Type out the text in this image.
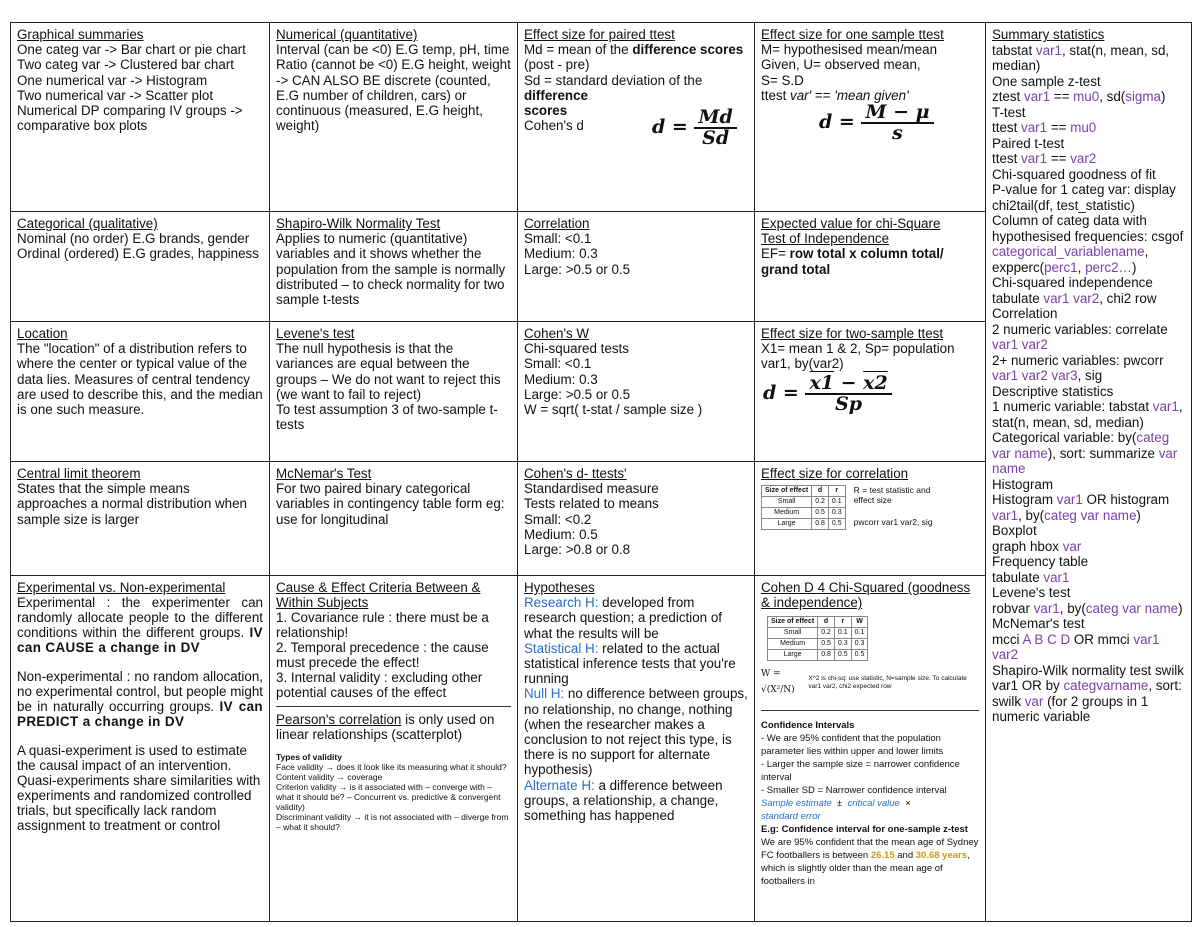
Graphical summaries
One categ var -> Bar chart or pie chart
Two categ var -> Clustered bar chart
One numerical var -> Histogram
Two numerical var -> Scatter plot
Numerical DP comparing IV groups -> comparative box plots
Numerical (quantitative)
Interval (can be <0) E.G temp, pH, time
Ratio (cannot be <0) E.G height, weight
-> CAN ALSO BE discrete (counted, E.G number of children, cars) or continuous (measured, E.G height, weight)
Effect size for paired ttest
Md = mean of the difference scores (post - pre)
Sd = standard deviation of the difference
scores
Cohen's d	$d = \frac{Md}{Sd}$
Effect size for one sample ttest
M= hypothesised mean/mean
Given, U= observed mean,
S= S.D
ttest var' == 'mean given'
$d = \frac{M - \mu}{s}$
Summary statistics
tabstat var1, stat(n, mean, sd, median)
One sample z-test
ztest var1 == mu0, sd(sigma)
T-test
ttest var1 == mu0
Paired t-test
ttest var1 == var2
Chi-squared goodness of fit
P-value for 1 categ var: display chi2tail(df, test_statistic)
Column of categ data with hypothesised frequencies: csgof categorical_variablename, expperc(perc1, perc2…)
Chi-squared independence
tabulate var1 var2, chi2 row
Correlation
2 numeric variables: correlate var1 var2
2+ numeric variables: pwcorr var1 var2 var3, sig
Descriptive statistics
1 numeric variable: tabstat var1, stat(n, mean, sd, median)
Categorical variable: by(categ var name), sort: summarize var name
Histogram
Histogram var1 OR histogram var1, by(categ var name)
Boxplot
graph hbox var
Frequency table
tabulate var1
Levene's test
robvar var1, by(categ var name)
McNemar's test
mcci A B C D OR mmci var1 var2
Shapiro-Wilk normality test swilk var1 OR by categvarname, sort: swilk var (for 2 groups in 1 numeric variable
Categorical (qualitative)
Nominal (no order) E.G brands, gender
Ordinal (ordered) E.G grades, happiness
Shapiro-Wilk Normality Test
Applies to numeric (quantitative) variables and it shows whether the population from the sample is normally distributed – to check normality for two sample t-tests
Correlation
Small: <0.1
Medium: 0.3
Large: >0.5 or 0.5
Expected value for chi-Square
Test of Independence
EF= row total x column total/ grand total
Location
The "location" of a distribution refers to where the center or typical value of the data lies. Measures of central tendency are used to describe this, and the median is one such measure.
Levene's test
The null hypothesis is that the variances are equal between the groups – We do not want to reject this (we want to fail to reject)
To test assumption 3 of two-sample t-tests
Cohen's W
Chi-squared tests
Small: <0.1
Medium: 0.3
Large: >0.5 or 0.5
W = sqrt( t-stat / sample size )
Effect size for two-sample ttest
X1= mean 1 & 2, Sp= population var1, by(var2)
$d = \frac{x1 - x2}{Sp}$
Central limit theorem
States that the simple means approaches a normal distribution when sample size is larger
McNemar's Test
For two paired binary categorical variables in contingency table form eg: use for longitudinal
Cohen's d- ttests'
Standardised measure
Tests related to means
Small: <0.2
Medium: 0.5
Large: >0.8 or 0.8
Effect size for correlation
Size of effect	d	r
Small	0.2	0.1
Medium	0.5	0.3
Large	0.8	0.5
R = test statistic and effect size
pwcorr var1 var2, sig
Experimental vs. Non-experimental
Experimental : the experimenter can randomly allocate people to the different conditions within the different groups. IV can CAUSE a change in DV
Non-experimental : no random allocation, no experimental control, but people might be in naturally occurring groups. IV can PREDICT a change in DV
A quasi-experiment is used to estimate the causal impact of an intervention. Quasi-experiments share similarities with experiments and randomized controlled trials, but specifically lack random assignment to treatment or control
Cause & Effect Criteria Between & Within Subjects
1. Covariance rule : there must be a relationship!
2. Temporal precedence : the cause must precede the effect!
3. Internal validity : excluding other potential causes of the effect
Pearson's correlation is only used on linear relationships (scatterplot)
Types of validity
Face validity → does it look like its measuring what it should?
Content validity → coverage
Criterion validity → is it associated with – converge with – what it should be? – Concurrent vs. predictive & convergent validity)
Discriminant validity → it is not associated with – diverge from – what it should?
Hypotheses
Research H: developed from research question; a prediction of what the results will be
Statistical H: related to the actual statistical inference tests that you're running
Null H: no difference between groups, no relationship, no change, nothing (when the researcher makes a conclusion to not reject this type, is there is no support for alternate hypothesis)
Alternate H: a difference between groups, a relationship, a change, something has happened
Cohen D 4 Chi-Squared (goodness & independence)
Size of effect	d	r	W
Small	0.2	0.1	0.1
Medium	0.5	0.3	0.3
Large	0.8	0.5	0.5
W = √(X²/N)
X^2 is chi-sq: use statistic, N=sample size. To calculate var1 var2, chi2 expected row
Confidence Intervals
- We are 95% confident that the population parameter lies within upper and lower limits
- Larger the sample size = narrower confidence interval
- Smaller SD = Narrower confidence interval
Sample estimate ± critical value ×
standard error
E.g: Confidence interval for one-sample z-test
We are 95% confident that the mean age of Sydney FC footballers is between 26.15 and 30.68 years, which is slightly older than the mean age of footballers in
